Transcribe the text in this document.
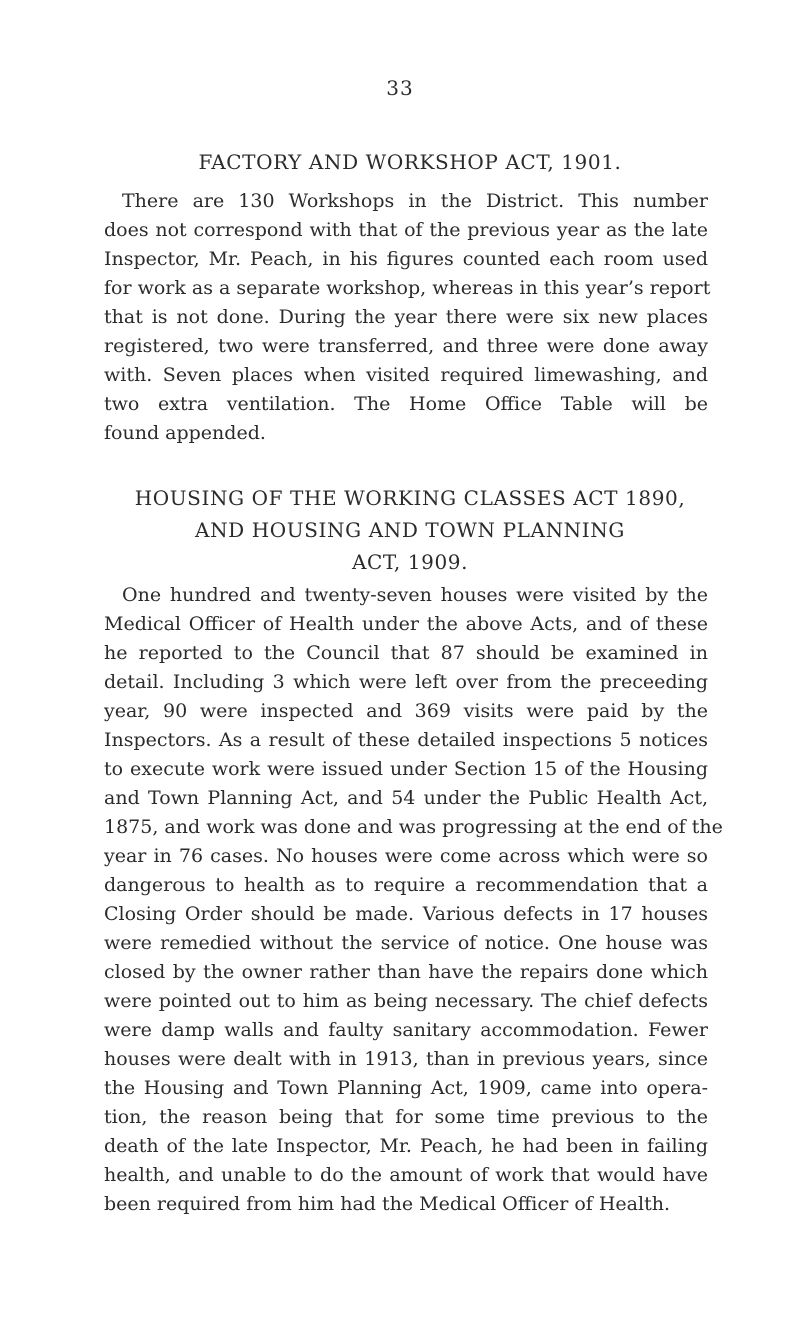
33
FACTORY AND WORKSHOP ACT, 1901.

There are 130 Workshops in the District. This number
does not correspond with that of the previous year as the late
Inspector, Mr. Peach, in his figures counted each room used
for work as a separate workshop, whereas in this year’s report
that is not done. During the year there were six new places
registered, two were transferred, and three were done away
with. Seven places when visited required limewashing, and
two extra ventilation. The Home Office Table will be
found appended.

HOUSING OF THE WORKING CLASSES ACT 1890,
AND HOUSING AND TOWN PLANNING
ACT, 1909.

One hundred and twenty-seven houses were visited by the
Medical Officer of Health under the above Acts, and of these
he reported to the Council that 87 should be examined in
detail. Including 3 which were left over from the preceeding
year, 90 were inspected and 369 visits were paid by the
Inspectors. As a result of these detailed inspections 5 notices
to execute work were issued under Section 15 of the Housing
and Town Planning Act, and 54 under the Public Health Act,
1875, and work was done and was progressing at the end of the
year in 76 cases. No houses were come across which were so
dangerous to health as to require a recommendation that a
Closing Order should be made. Various defects in 17 houses
were remedied without the service of notice. One house was
closed by the owner rather than have the repairs done which
were pointed out to him as being necessary. The chief defects
were damp walls and faulty sanitary accommodation. Fewer
houses were dealt with in 1913, than in previous years, since
the Housing and Town Planning Act, 1909, came into opera-
tion, the reason being that for some time previous to the
death of the late Inspector, Mr. Peach, he had been in failing
health, and unable to do the amount of work that would have
been required from him had the Medical Officer of Health.
